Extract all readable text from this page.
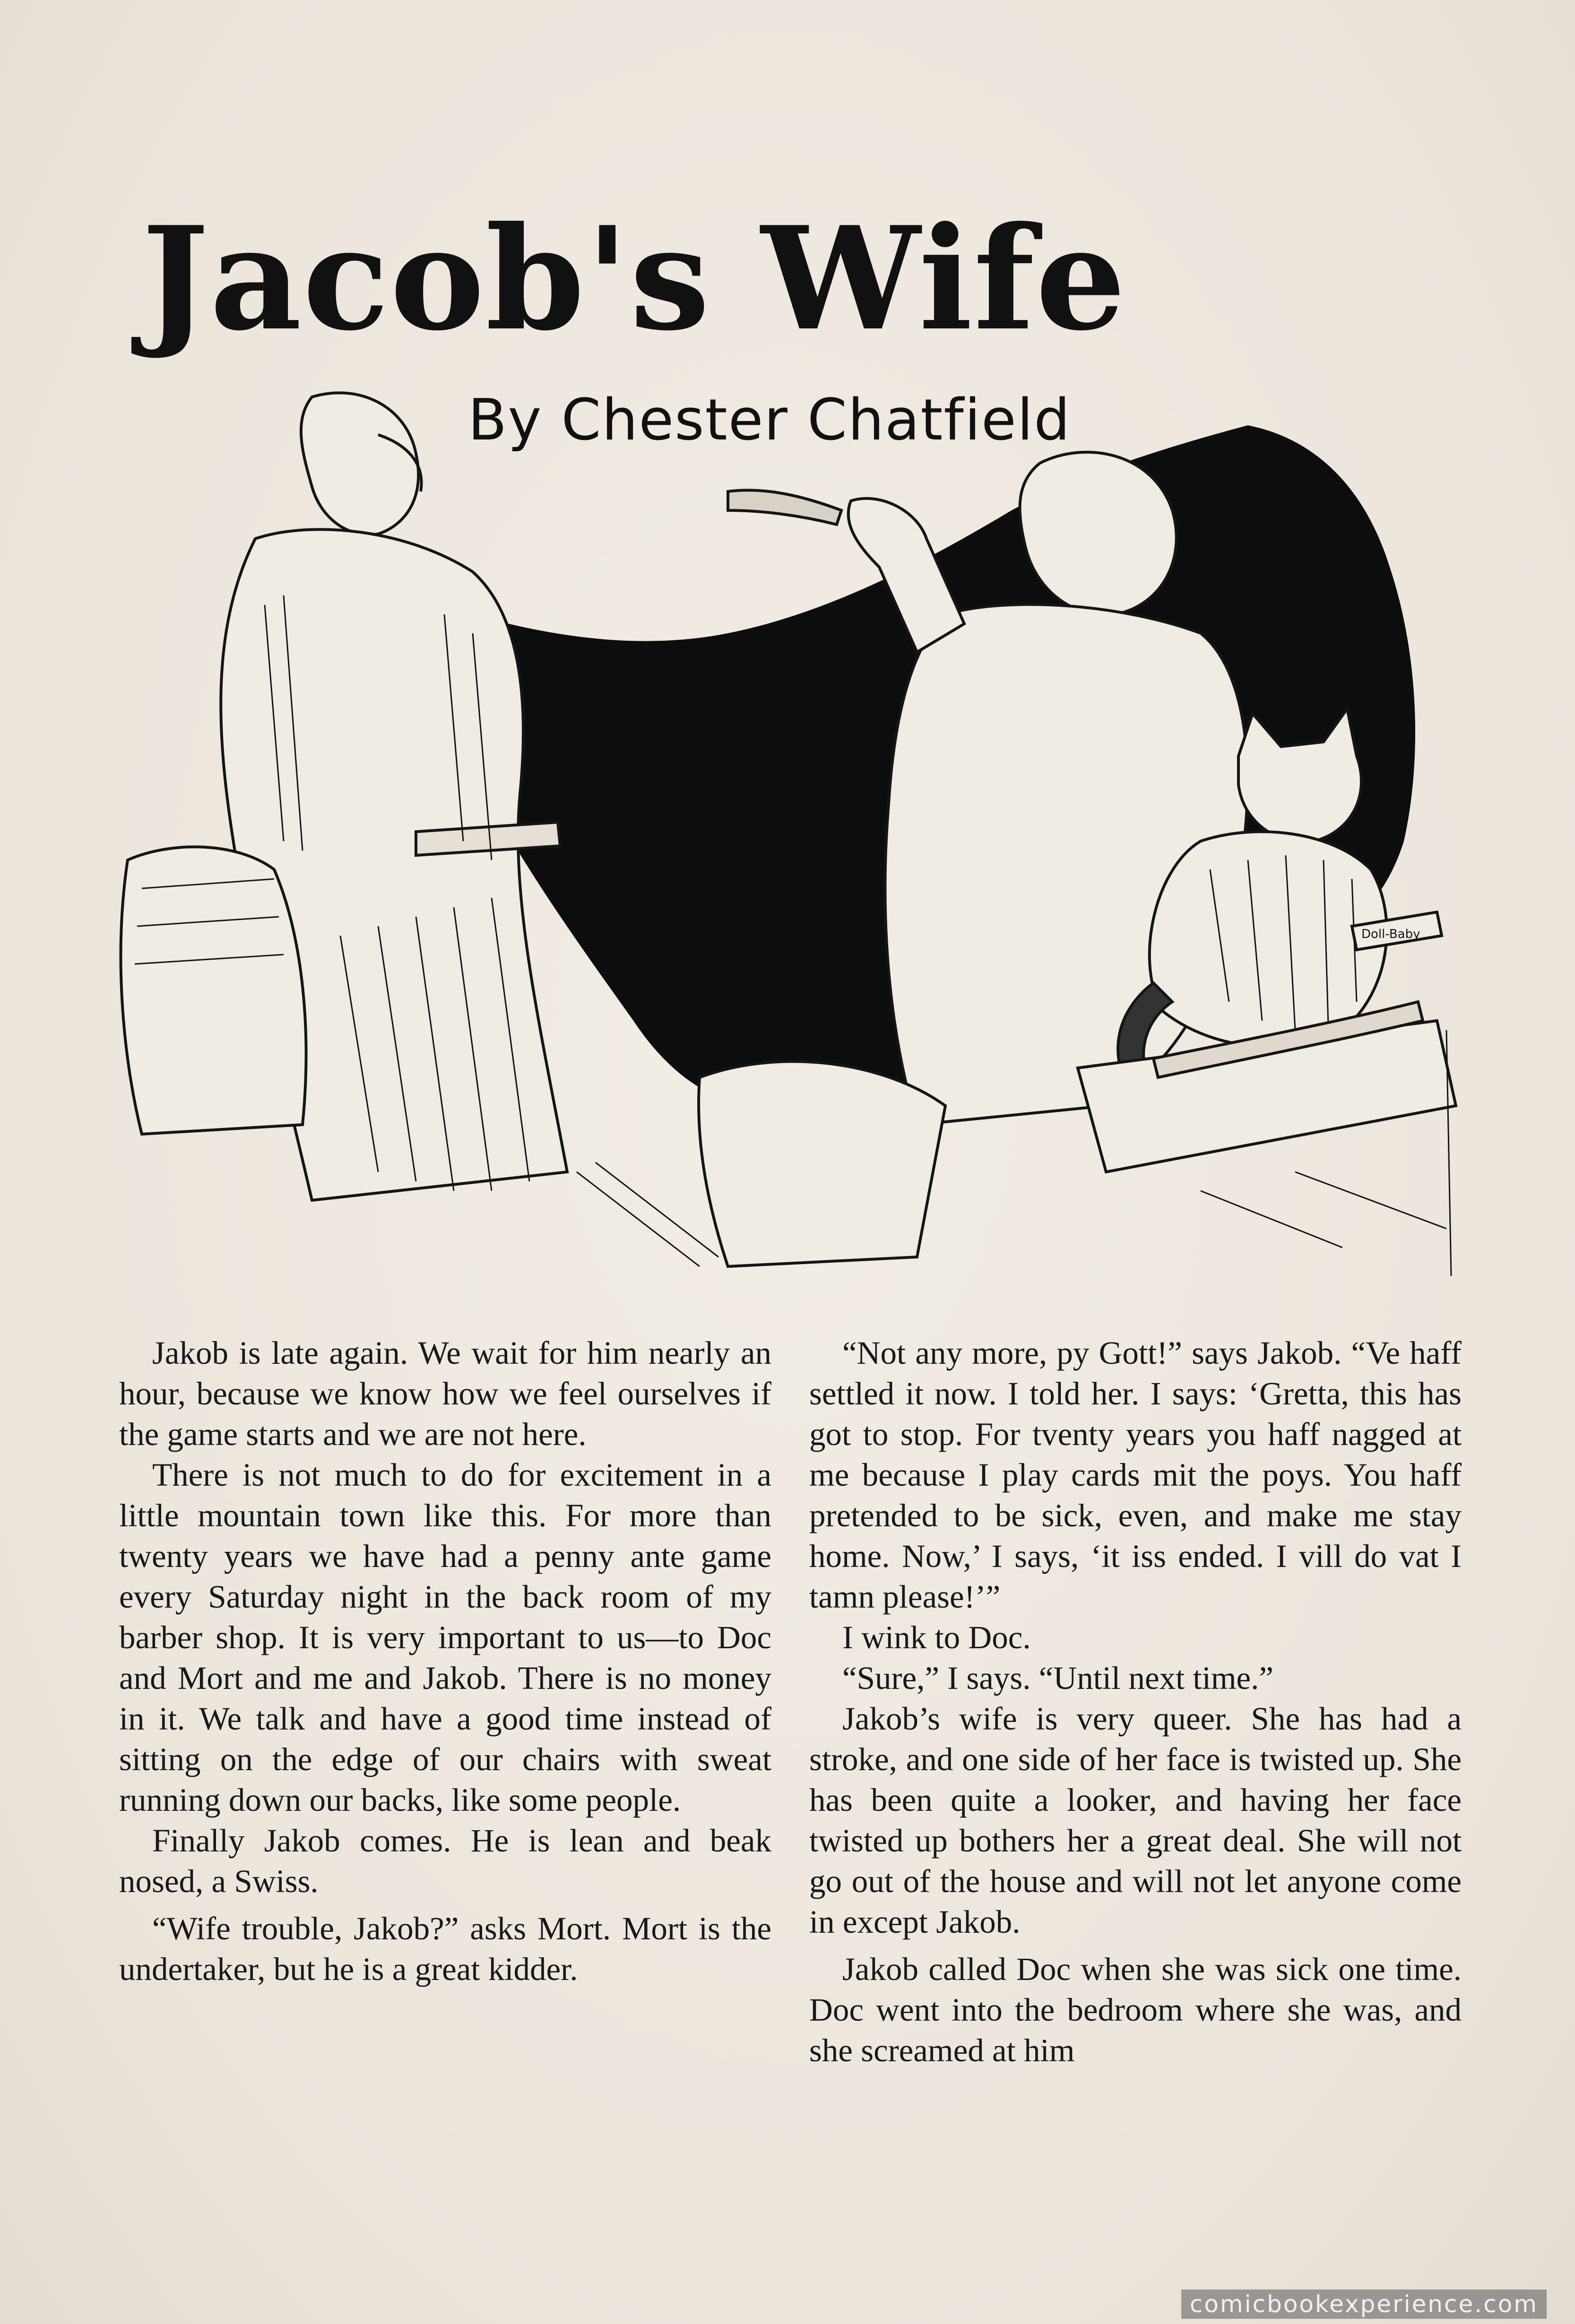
Jacob's Wife
By Chester Chatfield
Doll-Baby

Jakob is late again. We wait for him nearly an hour, because we know how we feel ourselves if the game starts and we are not here.

There is not much to do for excitement in a little mountain town like this. For more than twenty years we have had a penny ante game every Saturday night in the back room of my barber shop. It is very important to us—to Doc and Mort and me and Jakob. There is no money in it. We talk and have a good time instead of sitting on the edge of our chairs with sweat running down our backs, like some people.

Finally Jakob comes. He is lean and beak nosed, a Swiss.

“Wife trouble, Jakob?” asks Mort. Mort is the undertaker, but he is a great kidder.

“Not any more, py Gott!” says Jakob. “Ve haff settled it now. I told her. I says: ‘Gretta, this has got to stop. For tventy years you haff nagged at me because I play cards mit the poys. You haff pretended to be sick, even, and make me stay home. Now,’ I says, ‘it iss ended. I vill do vat I tamn please!’”

I wink to Doc.

“Sure,” I says. “Until next time.”

Jakob’s wife is very queer. She has had a stroke, and one side of her face is twisted up. She has been quite a looker, and having her face twisted up bothers her a great deal. She will not go out of the house and will not let anyone come in except Jakob.

Jakob called Doc when she was sick one time. Doc went into the bedroom where she was, and she screamed at him

comicbookexperience.com
